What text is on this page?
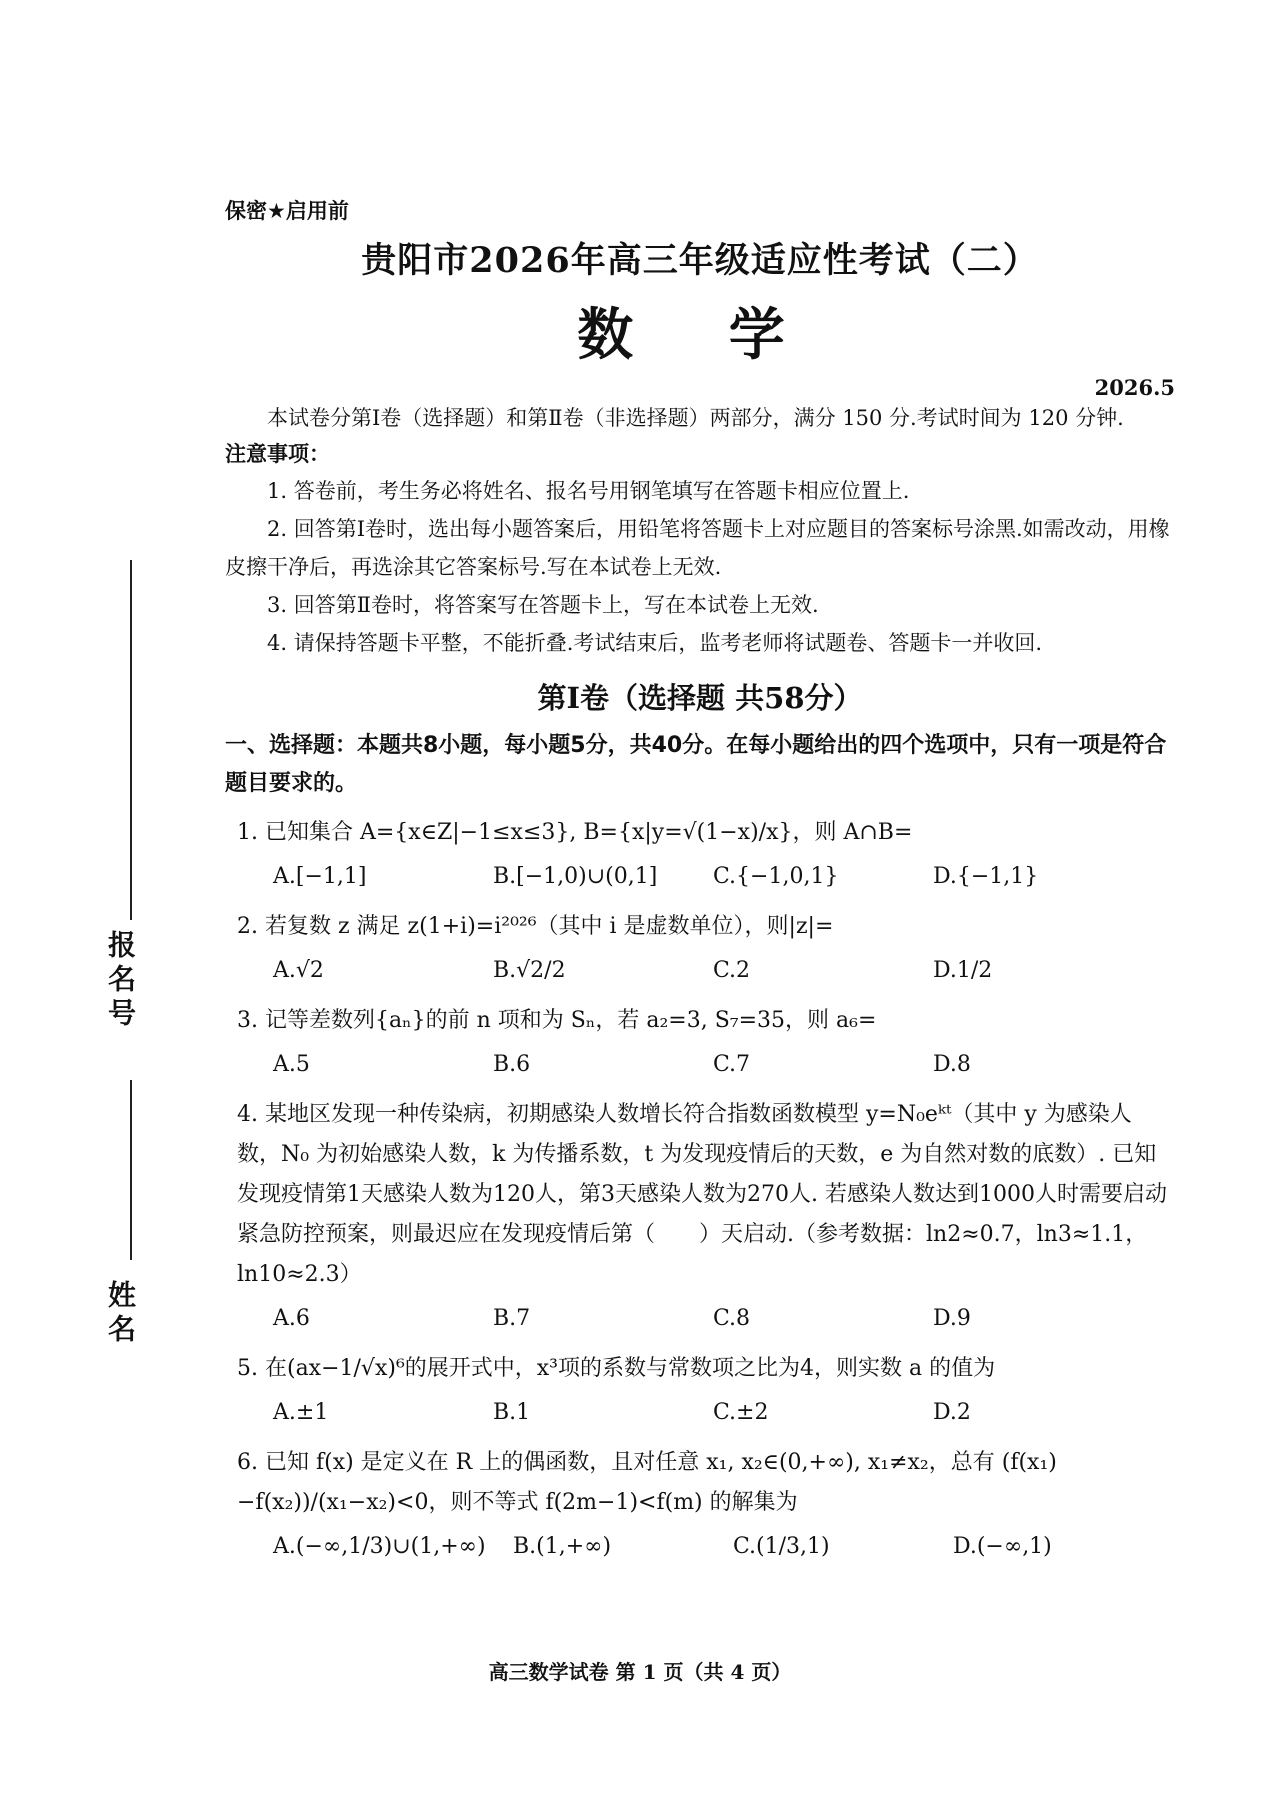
报名号
姓名
保密★启用前
贵阳市2026年高三年级适应性考试（二）
数 学
2026.5

本试卷分第Ⅰ卷（选择题）和第Ⅱ卷（非选择题）两部分，满分 150 分.考试时间为 120 分钟.

注意事项：

1. 答卷前，考生务必将姓名、报名号用钢笔填写在答题卡相应位置上.

2. 回答第Ⅰ卷时，选出每小题答案后，用铅笔将答题卡上对应题目的答案标号涂黑.如需改动，用橡皮擦干净后，再选涂其它答案标号.写在本试卷上无效.

3. 回答第Ⅱ卷时，将答案写在答题卡上，写在本试卷上无效.

4. 请保持答题卡平整，不能折叠.考试结束后，监考老师将试题卷、答题卡一并收回.

第Ⅰ卷（选择题 共58分）

一、选择题：本题共8小题，每小题5分，共40分。在每小题给出的四个选项中，只有一项是符合题目要求的。

1. 已知集合 A={x∈Z|−1≤x≤3}, B={x|y=√(1−x)/x}，则 A∩B=

A.[−1,1]	B.[−1,0)∪(0,1]	C.{−1,0,1}	D.{−1,1}

2. 若复数 z 满足 z(1+i)=i²⁰²⁶（其中 i 是虚数单位），则|z|=

A.√2	B.√2/2	C.2	D.1/2

3. 记等差数列{aₙ}的前 n 项和为 Sₙ，若 a₂=3, S₇=35，则 a₆=

A.5	B.6	C.7	D.8

4. 某地区发现一种传染病，初期感染人数增长符合指数函数模型 y=N₀eᵏᵗ（其中 y 为感染人数，N₀ 为初始感染人数，k 为传播系数，t 为发现疫情后的天数，e 为自然对数的底数）. 已知发现疫情第1天感染人数为120人，第3天感染人数为270人. 若感染人数达到1000人时需要启动紧急防控预案，则最迟应在发现疫情后第（　　）天启动.（参考数据：ln2≈0.7，ln3≈1.1，ln10≈2.3）

A.6	B.7	C.8	D.9

5. 在(ax−1/√x)⁶的展开式中，x³项的系数与常数项之比为4，则实数 a 的值为

A.±1	B.1	C.±2	D.2

6. 已知 f(x) 是定义在 R 上的偶函数，且对任意 x₁, x₂∈(0,+∞), x₁≠x₂，总有 (f(x₁)−f(x₂))/(x₁−x₂)<0，则不等式 f(2m−1)<f(m) 的解集为

A.(−∞,1/3)∪(1,+∞)	B.(1,+∞)	C.(1/3,1)	D.(−∞,1)
高三数学试卷 第 1 页（共 4 页）
